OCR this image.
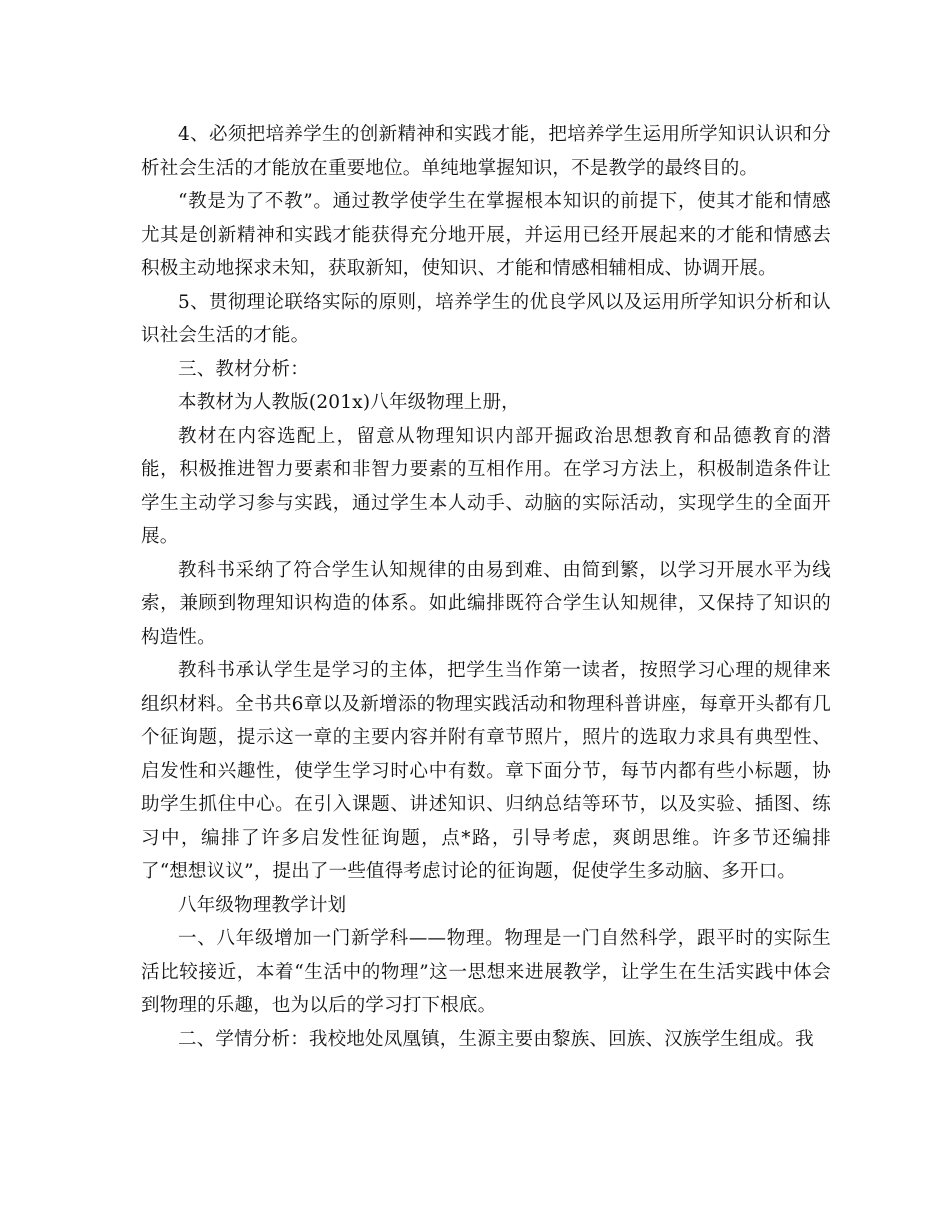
4、必须把培养学生的创新精神和实践才能，把培养学生运用所学知识认识和分析社会生活的才能放在重要地位。单纯地掌握知识，不是教学的最终目的。

“教是为了不教”。通过教学使学生在掌握根本知识的前提下，使其才能和情感尤其是创新精神和实践才能获得充分地开展，并运用已经开展起来的才能和情感去积极主动地探求未知，获取新知，使知识、才能和情感相辅相成、协调开展。

5、贯彻理论联络实际的原则，培养学生的优良学风以及运用所学知识分析和认识社会生活的才能。

三、教材分析：

本教材为人教版(201x)八年级物理上册，

教材在内容选配上，留意从物理知识内部开掘政治思想教育和品德教育的潜能，积极推进智力要素和非智力要素的互相作用。在学习方法上，积极制造条件让学生主动学习参与实践，通过学生本人动手、动脑的实际活动，实现学生的全面开展。

教科书采纳了符合学生认知规律的由易到难、由简到繁，以学习开展水平为线索，兼顾到物理知识构造的体系。如此编排既符合学生认知规律，又保持了知识的构造性。

教科书承认学生是学习的主体，把学生当作第一读者，按照学习心理的规律来组织材料。全书共6章以及新增添的物理实践活动和物理科普讲座，每章开头都有几个征询题，提示这一章的主要内容并附有章节照片，照片的选取力求具有典型性、启发性和兴趣性，使学生学习时心中有数。章下面分节，每节内都有些小标题，协助学生抓住中心。在引入课题、讲述知识、归纳总结等环节，以及实验、插图、练习中，编排了许多启发性征询题，点*路，引导考虑，爽朗思维。许多节还编排了“想想议议”，提出了一些值得考虑讨论的征询题，促使学生多动脑、多开口。

八年级物理教学计划

一、八年级增加一门新学科——物理。物理是一门自然科学，跟平时的实际生活比较接近，本着“生活中的物理”这一思想来进展教学，让学生在生活实践中体会到物理的乐趣，也为以后的学习打下根底。

二、学情分析：我校地处凤凰镇，生源主要由黎族、回族、汉族学生组成。我
